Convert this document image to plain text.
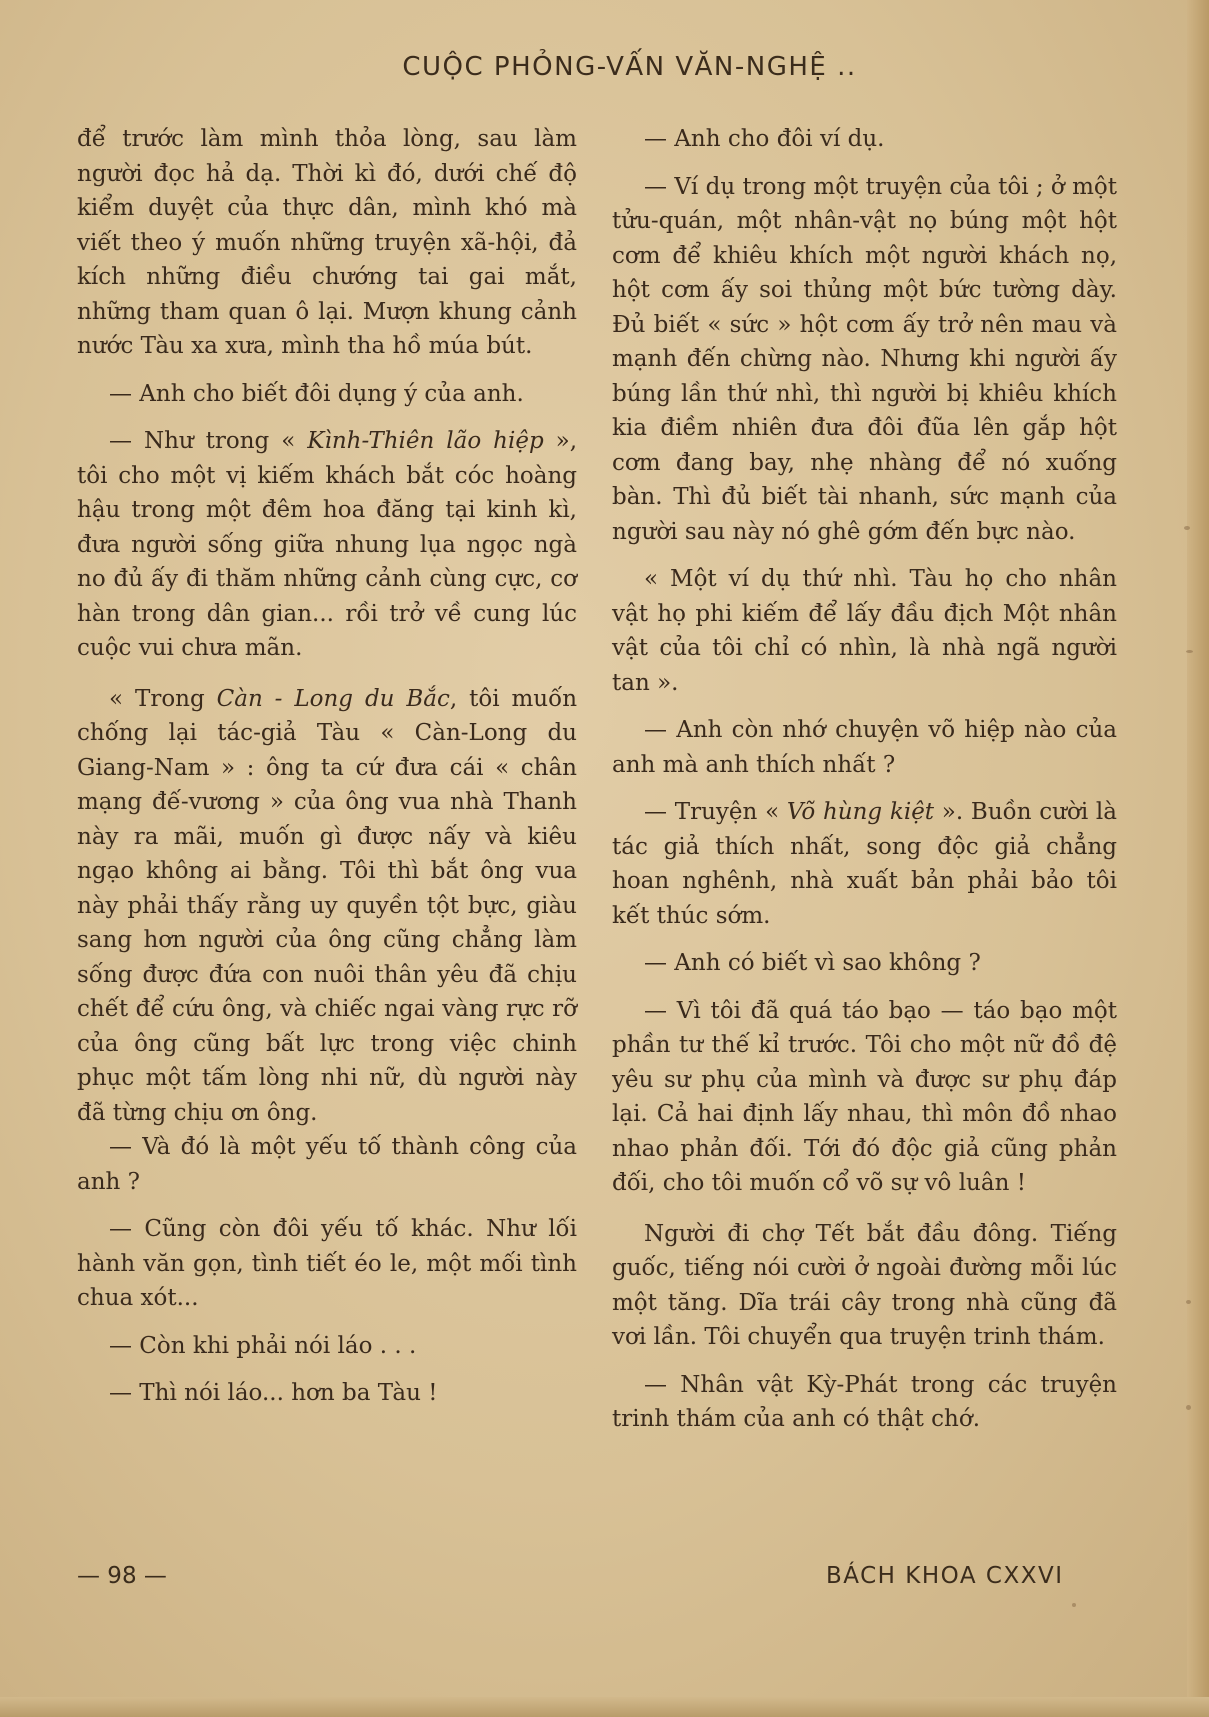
CUỘC PHỎNG-VẤN VĂN-NGHỆ ..

để trước làm mình thỏa lòng, sau làm người đọc hả dạ. Thời kì đó, dưới chế độ kiểm duyệt của thực dân, mình khó mà viết theo ý muốn những truyện xã-hội, đả kích những điều chướng tai gai mắt, những tham quan ô lại. Mượn khung cảnh nước Tàu xa xưa, mình tha hồ múa bút.

— Anh cho biết đôi dụng ý của anh.

— Như trong « Kình-Thiên lão hiệp », tôi cho một vị kiếm khách bắt cóc hoàng hậu trong một đêm hoa đăng tại kinh kì, đưa người sống giữa nhung lụa ngọc ngà no đủ ấy đi thăm những cảnh cùng cực, cơ hàn trong dân gian... rồi trở về cung lúc cuộc vui chưa mãn.

« Trong Càn - Long du Bắc, tôi muốn chống lại tác-giả Tàu « Càn-Long du Giang-Nam » : ông ta cứ đưa cái « chân mạng đế-vương » của ông vua nhà Thanh này ra mãi, muốn gì được nấy và kiêu ngạo không ai bằng. Tôi thì bắt ông vua này phải thấy rằng uy quyền tột bực, giàu sang hơn người của ông cũng chẳng làm sống được đứa con nuôi thân yêu đã chịu chết để cứu ông, và chiếc ngai vàng rực rỡ của ông cũng bất lực trong việc chinh phục một tấm lòng nhi nữ, dù người này đã từng chịu ơn ông.

— Và đó là một yếu tố thành công của anh ?

— Cũng còn đôi yếu tố khác. Như lối hành văn gọn, tình tiết éo le, một mối tình chua xót...

— Còn khi phải nói láo . . .

— Thì nói láo... hơn ba Tàu !

— Anh cho đôi ví dụ.

— Ví dụ trong một truyện của tôi ; ở một tửu-quán, một nhân-vật nọ búng một hột cơm để khiêu khích một người khách nọ, hột cơm ấy soi thủng một bức tường dày. Đủ biết « sức » hột cơm ấy trở nên mau và mạnh đến chừng nào. Nhưng khi người ấy búng lần thứ nhì, thì người bị khiêu khích kia điềm nhiên đưa đôi đũa lên gắp hột cơm đang bay, nhẹ nhàng để nó xuống bàn. Thì đủ biết tài nhanh, sức mạnh của người sau này nó ghê gớm đến bực nào.

« Một ví dụ thứ nhì. Tàu họ cho nhân vật họ phi kiếm để lấy đầu địch Một nhân vật của tôi chỉ có nhìn, là nhà ngã người tan ».

— Anh còn nhớ chuyện võ hiệp nào của anh mà anh thích nhất ?

— Truyện « Võ hùng kiệt ». Buồn cười là tác giả thích nhất, song độc giả chẳng hoan nghênh, nhà xuất bản phải bảo tôi kết thúc sớm.

— Anh có biết vì sao không ?

— Vì tôi đã quá táo bạo — táo bạo một phần tư thế kỉ trước. Tôi cho một nữ đồ đệ yêu sư phụ của mình và được sư phụ đáp lại. Cả hai định lấy nhau, thì môn đồ nhao nhao phản đối. Tới đó độc giả cũng phản đối, cho tôi muốn cổ võ sự vô luân !

Người đi chợ Tết bắt đầu đông. Tiếng guốc, tiếng nói cười ở ngoài đường mỗi lúc một tăng. Dĩa trái cây trong nhà cũng đã vơi lần. Tôi chuyển qua truyện trinh thám.

— Nhân vật Kỳ-Phát trong các truyện trinh thám của anh có thật chớ.

— 98 —	BÁCH KHOA CXXVI
